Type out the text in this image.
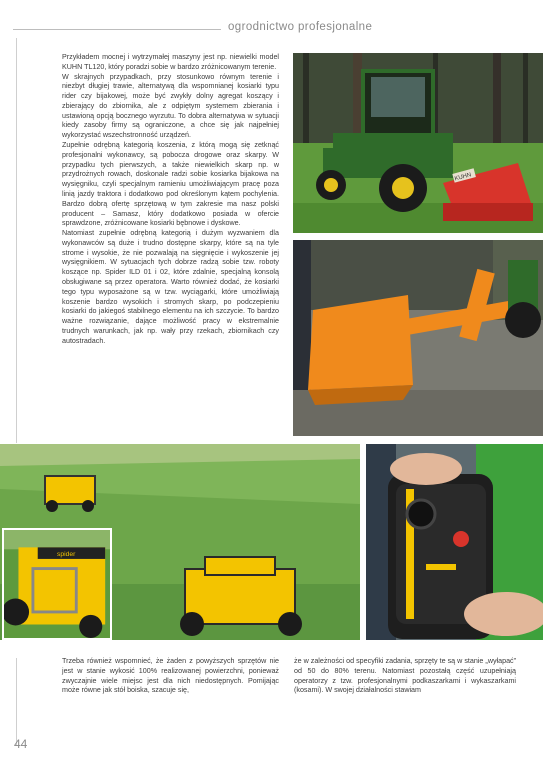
ogrodnictwo profesjonalne

Przykładem mocnej i wytrzymałej maszyny jest np. niewielki model KUHN TL120, który poradzi sobie w bardzo zróżnicowanym terenie.

W skrajnych przypadkach, przy stosunkowo równym terenie i niezbyt długiej trawie, alternatywą dla wspomnianej kosiarki typu rider czy bijakowej, może być zwykły dolny agregat koszący i zbierający do zbiornika, ale z odpiętym systemem zbierania i ustawioną opcją bocznego wyrzutu. To dobra alternatywa w sytuacji kiedy zasoby firmy są ograniczone, a chce się jak najpełniej wykorzystać wszechstronność urządzeń.

Zupełnie odrębną kategorią koszenia, z którą mogą się zetknąć profesjonalni wykonawcy, są pobocza drogowe oraz skarpy. W przypadku tych pierwszych, a także niewielkich skarp np. w przydrożnych rowach, doskonale radzi sobie kosiarka bijakowa na wysięgniku, czyli specjalnym ramieniu umożliwiającym pracę poza linią jazdy traktora i dodatkowo pod określonym kątem pochylenia. Bardzo dobrą ofertę sprzętową w tym zakresie ma nasz polski producent – Samasz, który dodatkowo posiada w ofercie sprawdzone, zróżnicowane kosiarki bębnowe i dyskowe.

Natomiast zupełnie odrębną kategorią i dużym wyzwaniem dla wykonawców są duże i trudno dostępne skarpy, które są na tyle strome i wysokie, że nie pozwalają na sięgnięcie i wykoszenie jej wysięgnikiem. W sytuacjach tych dobrze radzą sobie tzw. roboty koszące np. Spider ILD 01 i 02, które zdalnie, specjalną konsolą obsługiwane są przez operatora. Warto również dodać, że kosiarki tego typu wyposażone są w tzw. wyciągarki, które umożliwiają koszenie bardzo wysokich i stromych skarp, po podczepieniu kosiarki do jakiegoś stabilnego elementu na ich szczycie. To bardzo ważne rozwiązanie, dające możliwość pracy w ekstremalnie trudnych warunkach, jak np. wały przy rzekach, zbiornikach czy autostradach.

KUHN
spider

Trzeba również wspomnieć, że żaden z powyższych sprzętów nie jest w stanie wykosić 100% realizowanej powierzchni, ponieważ zwyczajnie wiele miejsc jest dla nich niedostępnych. Pomijając może równe jak stół boiska, szacuje się,

że w zależności od specyfiki zadania, sprzęty te są w stanie „wyłapać” od 50 do 80% terenu. Natomiast pozostałą część uzupełniają operatorzy z tzw. profesjonalnymi podkaszarkami i wykaszarkami (kosami). W swojej działalności stawiam

44
